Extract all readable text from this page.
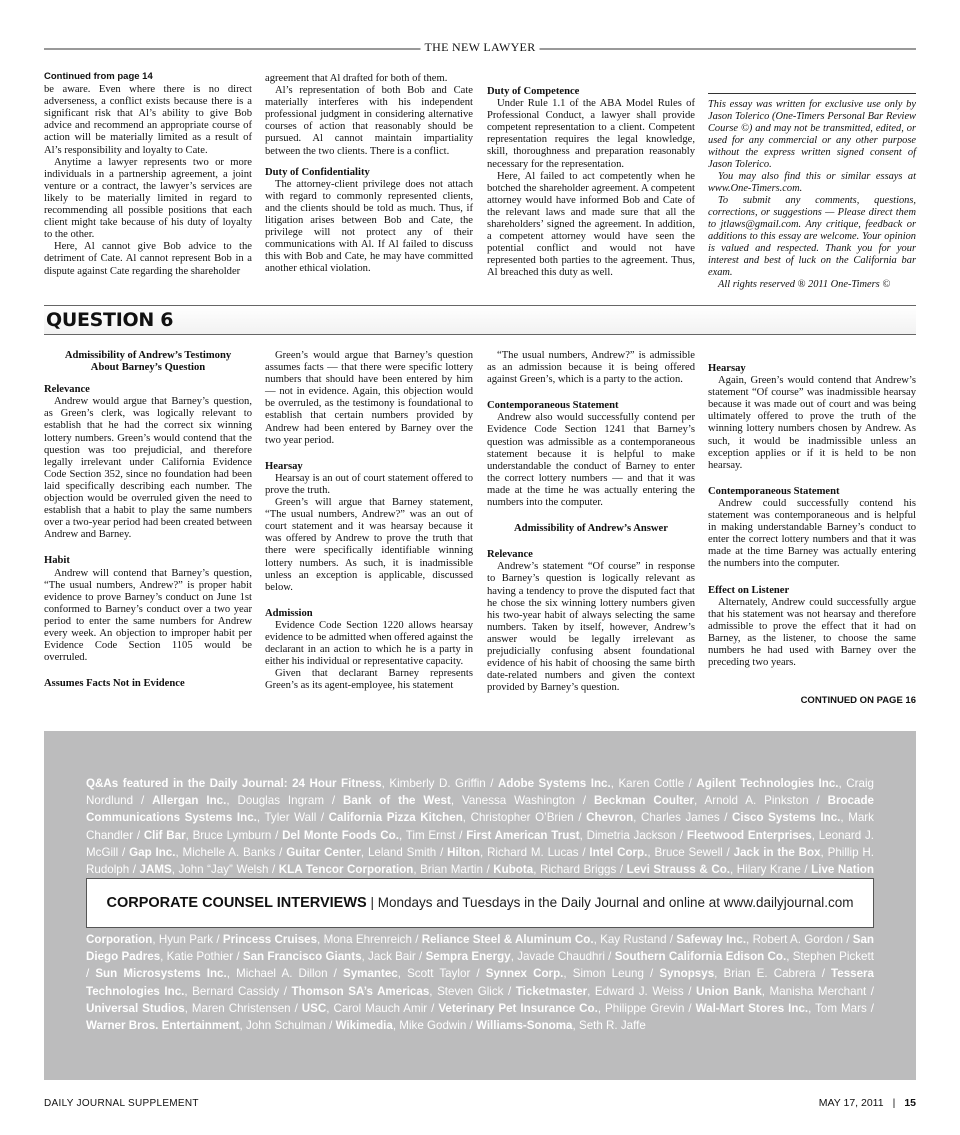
THE NEW LAWYER
Continued from page 14

be aware. Even where there is no direct adverseness, a conflict exists because there is a significant risk that Al’s ability to give Bob advice and recommend an appropriate course of action will be materially limited as a result of Al’s responsibility and loyalty to Cate.

Anytime a lawyer represents two or more individuals in a partnership agreement, a joint venture or a contract, the lawyer’s services are likely to be materially limited in regard to recommending all possible positions that each client might take because of his duty of loyalty to the other.

Here, Al cannot give Bob advice to the detriment of Cate. Al cannot represent Bob in a dispute against Cate regarding the shareholder

agreement that Al drafted for both of them.

Al’s representation of both Bob and Cate materially interferes with his independent professional judgment in considering alternative courses of action that reasonably should be pursued. Al cannot maintain impartiality between the two clients. There is a conflict.

Duty of Confidentiality

The attorney-client privilege does not attach with regard to commonly represented clients, and the clients should be told as much. Thus, if litigation arises between Bob and Cate, the privilege will not protect any of their communications with Al. If Al failed to discuss this with Bob and Cate, he may have committed another ethical violation.

Duty of Competence

Under Rule 1.1 of the ABA Model Rules of Professional Conduct, a lawyer shall provide competent representation to a client. Competent representation requires the legal knowledge, skill, thoroughness and preparation reasonably necessary for the representation.

Here, Al failed to act competently when he botched the shareholder agreement. A competent attorney would have informed Bob and Cate of the relevant laws and made sure that all the shareholders’ signed the agreement. In addition, a competent attorney would have seen the potential conflict and would not have represented both parties to the agreement. Thus, Al breached this duty as well.

This essay was written for exclusive use only by Jason Tolerico (One-Timers Personal Bar Review Course ©) and may not be transmitted, edited, or used for any commercial or any other purpose without the express written signed consent of Jason Tolerico.

You may also find this or similar essays at www.One-Timers.com.

To submit any comments, questions, corrections, or suggestions — Please direct them to jtlaws@gmail.com. Any critique, feedback or additions to this essay are welcome. Your opinion is valued and respected. Thank you for your interest and best of luck on the California bar exam.

All rights reserved ® 2011 One-Timers ©

QUESTION 6
Admissibility of Andrew’s Testimony About Barney’s Question
Relevance

Andrew would argue that Barney’s question, as Green’s clerk, was logically relevant to establish that he had the correct six winning lottery numbers. Green’s would contend that the question was too prejudicial, and therefore legally irrelevant under California Evidence Code Section 352, since no foundation had been laid specifically describing each number. The objection would be overruled given the need to establish that a habit to play the same numbers over a two-year period had been created between Andrew and Barney.

Habit

Andrew will contend that Barney’s question, “The usual numbers, Andrew?” is proper habit evidence to prove Barney’s conduct on June 1st conformed to Barney’s conduct over a two year period to enter the same numbers for Andrew every week. An objection to improper habit per Evidence Code Section 1105 would be overruled.

Assumes Facts Not in Evidence

Green’s would argue that Barney’s question assumes facts — that there were specific lottery numbers that should have been entered by him — not in evidence. Again, this objection would be overruled, as the testimony is foundational to establish that certain numbers provided by Andrew had been entered by Barney over the two year period.

Hearsay

Hearsay is an out of court statement offered to prove the truth.

Green’s will argue that Barney statement, “The usual numbers, Andrew?” was an out of court statement and it was hearsay because it was offered by Andrew to prove the truth that there were specifically identifiable winning lottery numbers. As such, it is inadmissible unless an exception is applicable, discussed below.

Admission

Evidence Code Section 1220 allows hearsay evidence to be admitted when offered against the declarant in an action to which he is a party in either his individual or representative capacity.

Given that declarant Barney represents Green’s as its agent-employee, his statement

“The usual numbers, Andrew?” is admissible as an admission because it is being offered against Green’s, which is a party to the action.

Contemporaneous Statement

Andrew also would successfully contend per Evidence Code Section 1241 that Barney’s question was admissible as a contemporaneous statement because it is helpful to make understandable the conduct of Barney to enter the correct lottery numbers — and that it was made at the time he was actually entering the numbers into the computer.

Admissibility of Andrew’s Answer
Relevance

Andrew’s statement “Of course” in response to Barney’s question is logically relevant as having a tendency to prove the disputed fact that he chose the six winning lottery numbers given his two-year habit of always selecting the same numbers. Taken by itself, however, Andrew’s answer would be legally irrelevant as prejudicially confusing absent foundational evidence of his habit of choosing the same birth date-related numbers and given the context provided by Barney’s question.

Hearsay

Again, Green’s would contend that Andrew’s statement “Of course” was inadmissible hearsay because it was made out of court and was being ultimately offered to prove the truth of the winning lottery numbers chosen by Andrew. As such, it would be inadmissible unless an exception applies or if it is held to be non hearsay.

Contemporaneous Statement

Andrew could successfully contend his statement was contemporaneous and is helpful in making understandable Barney’s conduct to enter the correct lottery numbers and that it was made at the time Barney was actually entering the numbers into the computer.

Effect on Listener

Alternately, Andrew could successfully argue that his statement was not hearsay and therefore admissible to prove the effect that it had on Barney, as the listener, to choose the same numbers he had used with Barney over the preceding two years.

CONTINUED ON PAGE 16
Q&As featured in the Daily Journal: 24 Hour Fitness, Kimberly D. Griffin / Adobe Systems Inc., Karen Cottle / Agilent Technologies Inc., Craig Nordlund / Allergan Inc., Douglas Ingram / Bank of the West, Vanessa Washington / Beckman Coulter, Arnold A. Pinkston / Brocade Communications Systems Inc., Tyler Wall / California Pizza Kitchen, Christopher O’Brien / Chevron, Charles James / Cisco Systems Inc., Mark Chandler / Clif Bar, Bruce Lymburn / Del Monte Foods Co., Tim Ernst / First American Trust, Dimetria Jackson / Fleetwood Enterprises, Leonard J. McGill / Gap Inc., Michelle A. Banks / Guitar Center, Leland Smith / Hilton, Richard M. Lucas / Intel Corp., Bruce Sewell / Jack in the Box, Phillip H. Rudolph / JAMS, John “Jay” Welsh / KLA Tencor Corporation, Brian Martin / Kubota, Richard Briggs / Levi Strauss & Co., Hilary Krane / Live Nation
CORPORATE COUNSEL INTERVIEWS | Mondays and Tuesdays in the Daily Journal and online at www.dailyjournal.com
Corporation, Hyun Park / Princess Cruises, Mona Ehrenreich / Reliance Steel & Aluminum Co., Kay Rustand / Safeway Inc., Robert A. Gordon / San Diego Padres, Katie Pothier / San Francisco Giants, Jack Bair / Sempra Energy, Javade Chaudhri / Southern California Edison Co., Stephen Pickett / Sun Microsystems Inc., Michael A. Dillon / Symantec, Scott Taylor / Synnex Corp., Simon Leung / Synopsys, Brian E. Cabrera / Tessera Technologies Inc., Bernard Cassidy / Thomson SA’s Americas, Steven Glick / Ticketmaster, Edward J. Weiss / Union Bank, Manisha Merchant / Universal Studios, Maren Christensen / USC, Carol Mauch Amir / Veterinary Pet Insurance Co., Philippe Grevin / Wal-Mart Stores Inc., Tom Mars / Warner Bros. Entertainment, John Schulman / Wikimedia, Mike Godwin / Williams-Sonoma, Seth R. Jaffe
DAILY JOURNAL SUPPLEMENT	MAY 17, 2011 | 15
